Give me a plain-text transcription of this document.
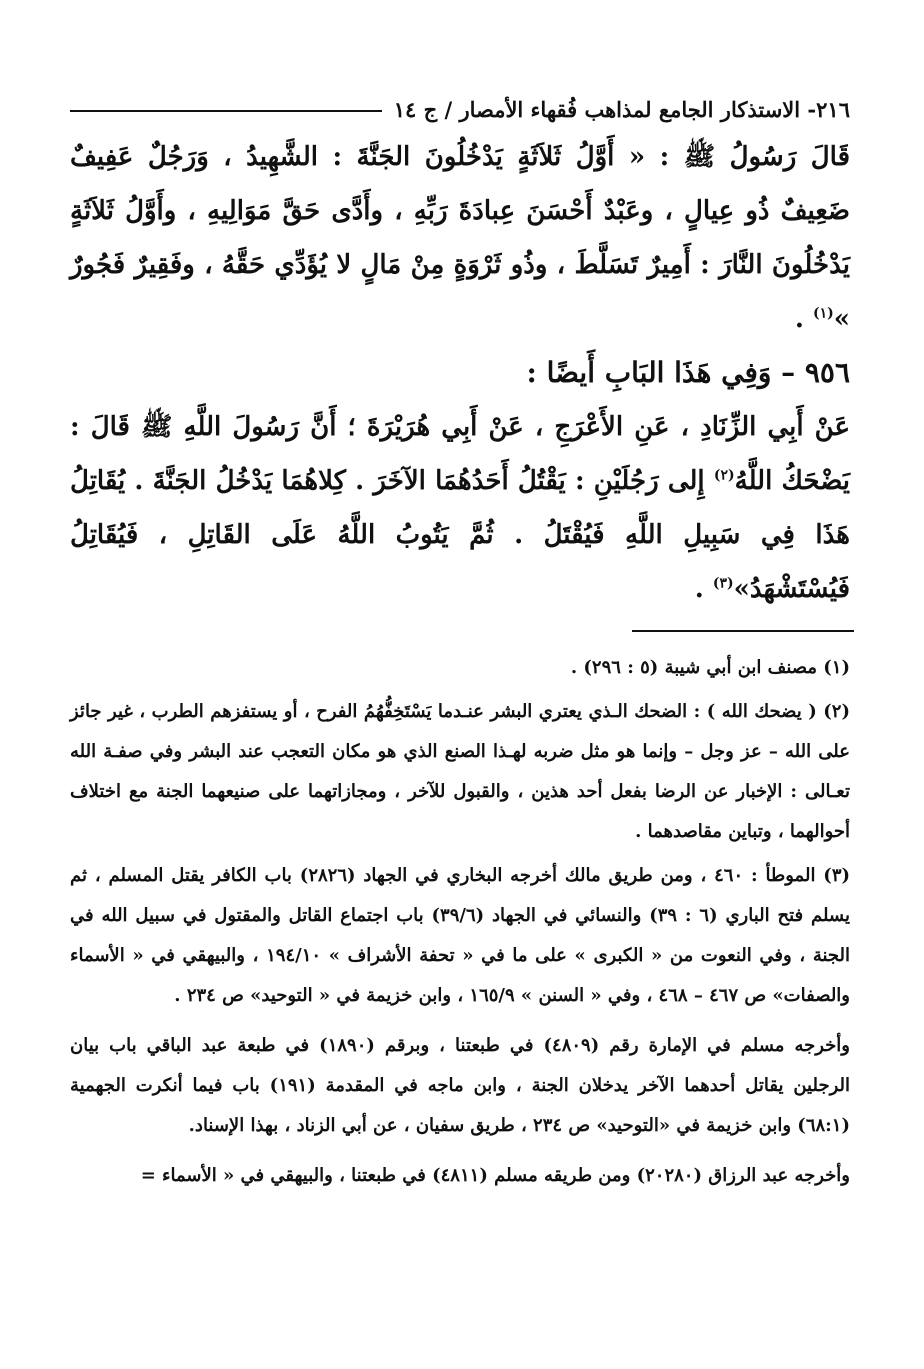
٢١٦- الاستذكار الجامع لمذاهب فُقهاء الأمصار / ج ١٤

قَالَ رَسُولُ ﷺ : « أَوَّلُ ثَلاَثَةٍ يَدْخُلُونَ الجَنَّةَ : الشَّهِيدُ ، وَرَجُلٌ عَفِيفٌ ضَعِيفٌ ذُو عِيالٍ ، وعَبْدٌ أَحْسَنَ عِبادَةَ رَبِّهِ ، وأَدَّى حَقَّ مَوَالِيهِ ، وأَوَّلُ ثَلاَثَةٍ يَدْخُلُونَ النَّارَ : أَمِيرٌ تَسَلَّطَ ، وذُو ثَرْوَةٍ مِنْ مَالٍ لا يُؤَدِّي حَقَّهُ ، وفَقِيرٌ فَجُورٌ »$^{(١)}$ .

٩٥٦ – وَفِي هَذَا البَابِ أَيضًا :

عَنْ أَبِي الزِّنَادِ ، عَنِ الأَعْرَجِ ، عَنْ أَبِي هُرَيْرَةَ ؛ أَنَّ رَسُولَ اللَّهِ ﷺ قَالَ : يَضْحَكُ اللَّهُ$^{(٢)}$ إِلى رَجُلَيْنِ : يَقْتُلُ أَحَدُهُمَا الآخَرَ . كِلاهُمَا يَدْخُلُ الجَنَّةَ . يُقَاتِلُ هَذَا فِي سَبِيلِ اللَّهِ فَيُقْتَلُ . ثُمَّ يَتُوبُ اللَّهُ عَلَى القَاتِلِ ، فَيُقَاتِلُ فَيُسْتَشْهَدُ»$^{(٣)}$ .

(١) مصنف ابن أبي شيبة (٥ : ٢٩٦) .

(٢) ( يضحك الله ) : الضحك الـذي يعتري البشر عنـدما يَسْتَخِفُّهُمُ الفرح ، أو يستفزهم الطرب ، غير جائز على الله – عز وجل – وإنما هو مثل ضربه لهـذا الصنع الذي هو مكان التعجب عند البشر وفي صفـة الله تعـالى : الإخبار عن الرضا بفعل أحد هذين ، والقبول للآخر ، ومجازاتهما على صنيعهما الجنة مع اختلاف أحوالهما ، وتباين مقاصدهما .

(٣) الموطأ : ٤٦٠ ، ومن طريق مالك أخرجه البخاري في الجهاد (٢٨٢٦) باب الكافر يقتل المسلم ، ثم يسلم فتح الباري (٦ : ٣٩) والنسائي في الجهاد (٣٩/٦) باب اجتماع القاتل والمقتول في سبيل الله في الجنة ، وفي النعوت من « الكبرى » على ما في « تحفة الأشراف » ١٩٤/١٠ ، والبيهقي في « الأسماء والصفات» ص ٤٦٧ – ٤٦٨ ، وفي « السنن » ١٦٥/٩ ، وابن خزيمة في « التوحيد» ص ٢٣٤ .

وأخرجه مسلم في الإمارة رقم (٤٨٠٩) في طبعتنا ، وبرقم (١٨٩٠) في طبعة عبد الباقي باب بيان الرجلين يقاتل أحدهما الآخر يدخلان الجنة ، وابن ماجه في المقدمة (١٩١) باب فيما أنكرت الجهمية (٦٨:١) وابن خزيمة في «التوحيد» ص ٢٣٤ ، طريق سفيان ، عن أبي الزناد ، بهذا الإسناد.

وأخرجه عبد الرزاق (٢٠٢٨٠) ومن طريقه مسلم (٤٨١١) في طبعتنا ، والبيهقي في « الأسماء =
